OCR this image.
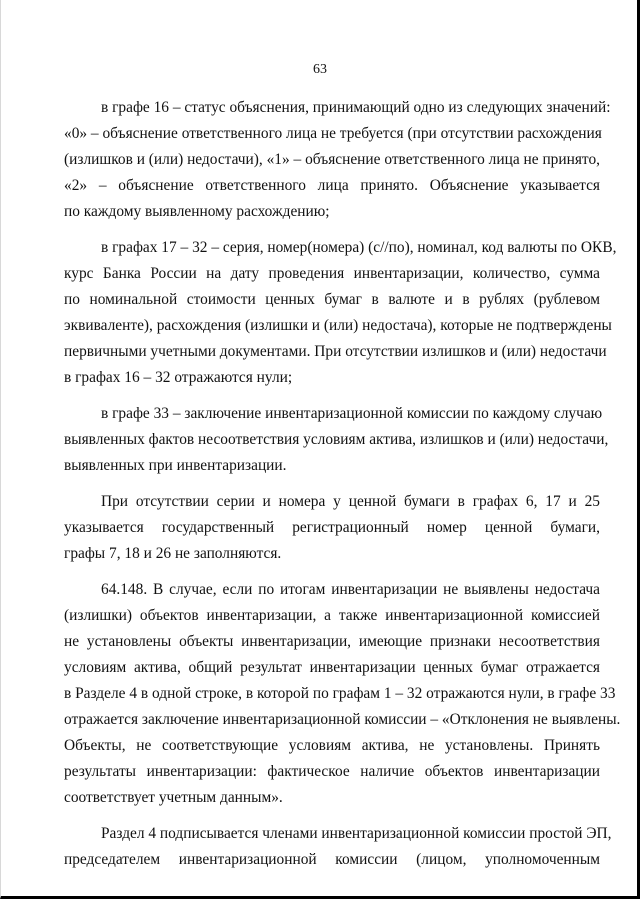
63
в графе 16 – статус объяснения, принимающий одно из следующих значений:
«0» – объяснение ответственного лица не требуется (при отсутствии расхождения
(излишков и (или) недостачи), «1» – объяснение ответственного лица не принято,
«2» – объяснение ответственного лица принято. Объяснение указывается
по каждому выявленному расхождению;
в графах 17 – 32 – серия, номер(номера) (с//по), номинал, код валюты по ОКВ,
курс Банка России на дату проведения инвентаризации, количество, сумма
по номинальной стоимости ценных бумаг в валюте и в рублях (рублевом
эквиваленте), расхождения (излишки и (или) недостача), которые не подтверждены
первичными учетными документами. При отсутствии излишков и (или) недостачи
в графах 16 – 32 отражаются нули;
в графе 33 – заключение инвентаризационной комиссии по каждому случаю
выявленных фактов несоответствия условиям актива, излишков и (или) недостачи,
выявленных при инвентаризации.
При отсутствии серии и номера у ценной бумаги в графах 6, 17 и 25
указывается государственный регистрационный номер ценной бумаги,
графы 7, 18 и 26 не заполняются.
64.148. В случае, если по итогам инвентаризации не выявлены недостача
(излишки) объектов инвентаризации, а также инвентаризационной комиссией
не установлены объекты инвентаризации, имеющие признаки несоответствия
условиям актива, общий результат инвентаризации ценных бумаг отражается
в Разделе 4 в одной строке, в которой по графам 1 – 32 отражаются нули, в графе 33
отражается заключение инвентаризационной комиссии – «Отклонения не выявлены.
Объекты, не соответствующие условиям актива, не установлены. Принять
результаты инвентаризации: фактическое наличие объектов инвентаризации
соответствует учетным данным».
Раздел 4 подписывается членами инвентаризационной комиссии простой ЭП,
председателем инвентаризационной комиссии (лицом, уполномоченным
